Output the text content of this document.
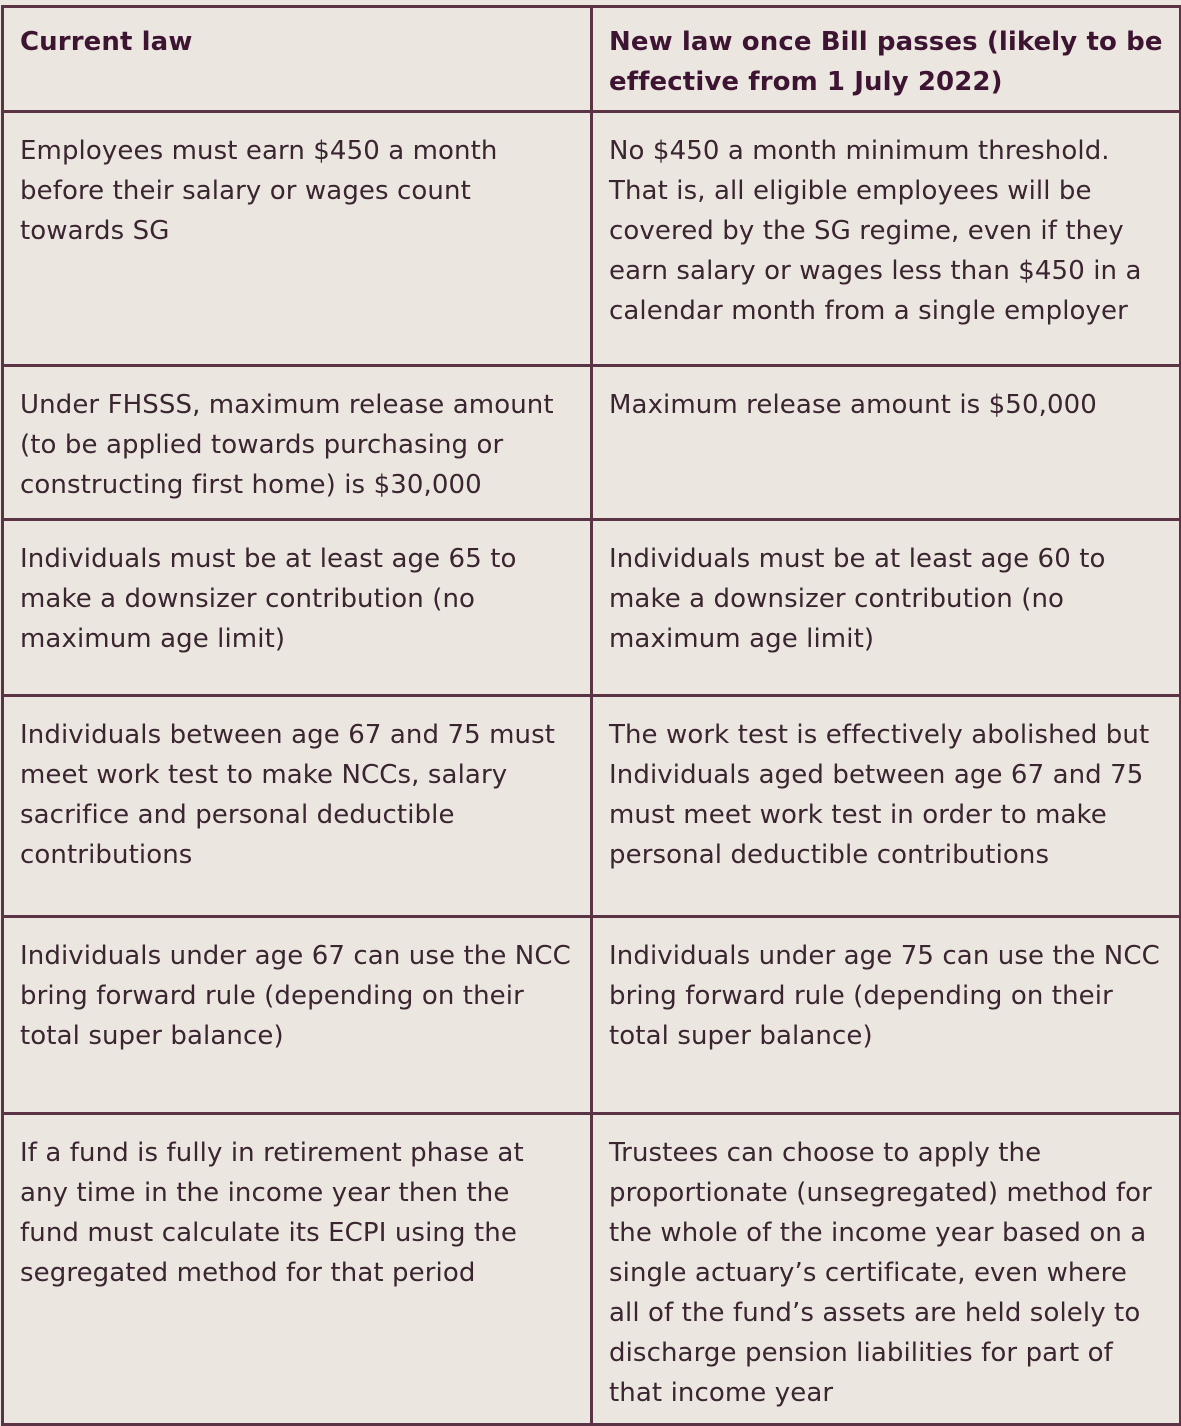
Current law	New law once Bill passes (likely to be effective from 1 July 2022)
Employees must earn $450 a month before their salary or wages count towards SG	No $450 a month minimum threshold. That is, all eligible employees will be covered by the SG regime, even if they earn salary or wages less than $450 in a calendar month from a single employer
Under FHSSS, maximum release amount (to be applied towards purchasing or constructing first home) is $30,000	Maximum release amount is $50,000
Individuals must be at least age 65 to make a downsizer contribution (no maximum age limit)	Individuals must be at least age 60 to make a downsizer contribution (no maximum age limit)
Individuals between age 67 and 75 must meet work test to make NCCs, salary sacrifice and personal deductible contributions	The work test is effectively abolished but Individuals aged between age 67 and 75 must meet work test in order to make personal deductible contributions
Individuals under age 67 can use the NCC bring forward rule (depending on their total super balance)	Individuals under age 75 can use the NCC bring forward rule (depending on their total super balance)
If a fund is fully in retirement phase at any time in the income year then the fund must calculate its ECPI using the segregated method for that period	Trustees can choose to apply the proportionate (unsegregated) method for the whole of the income year based on a single actuary’s certificate, even where all of the fund’s assets are held solely to discharge pension liabilities for part of that income year
